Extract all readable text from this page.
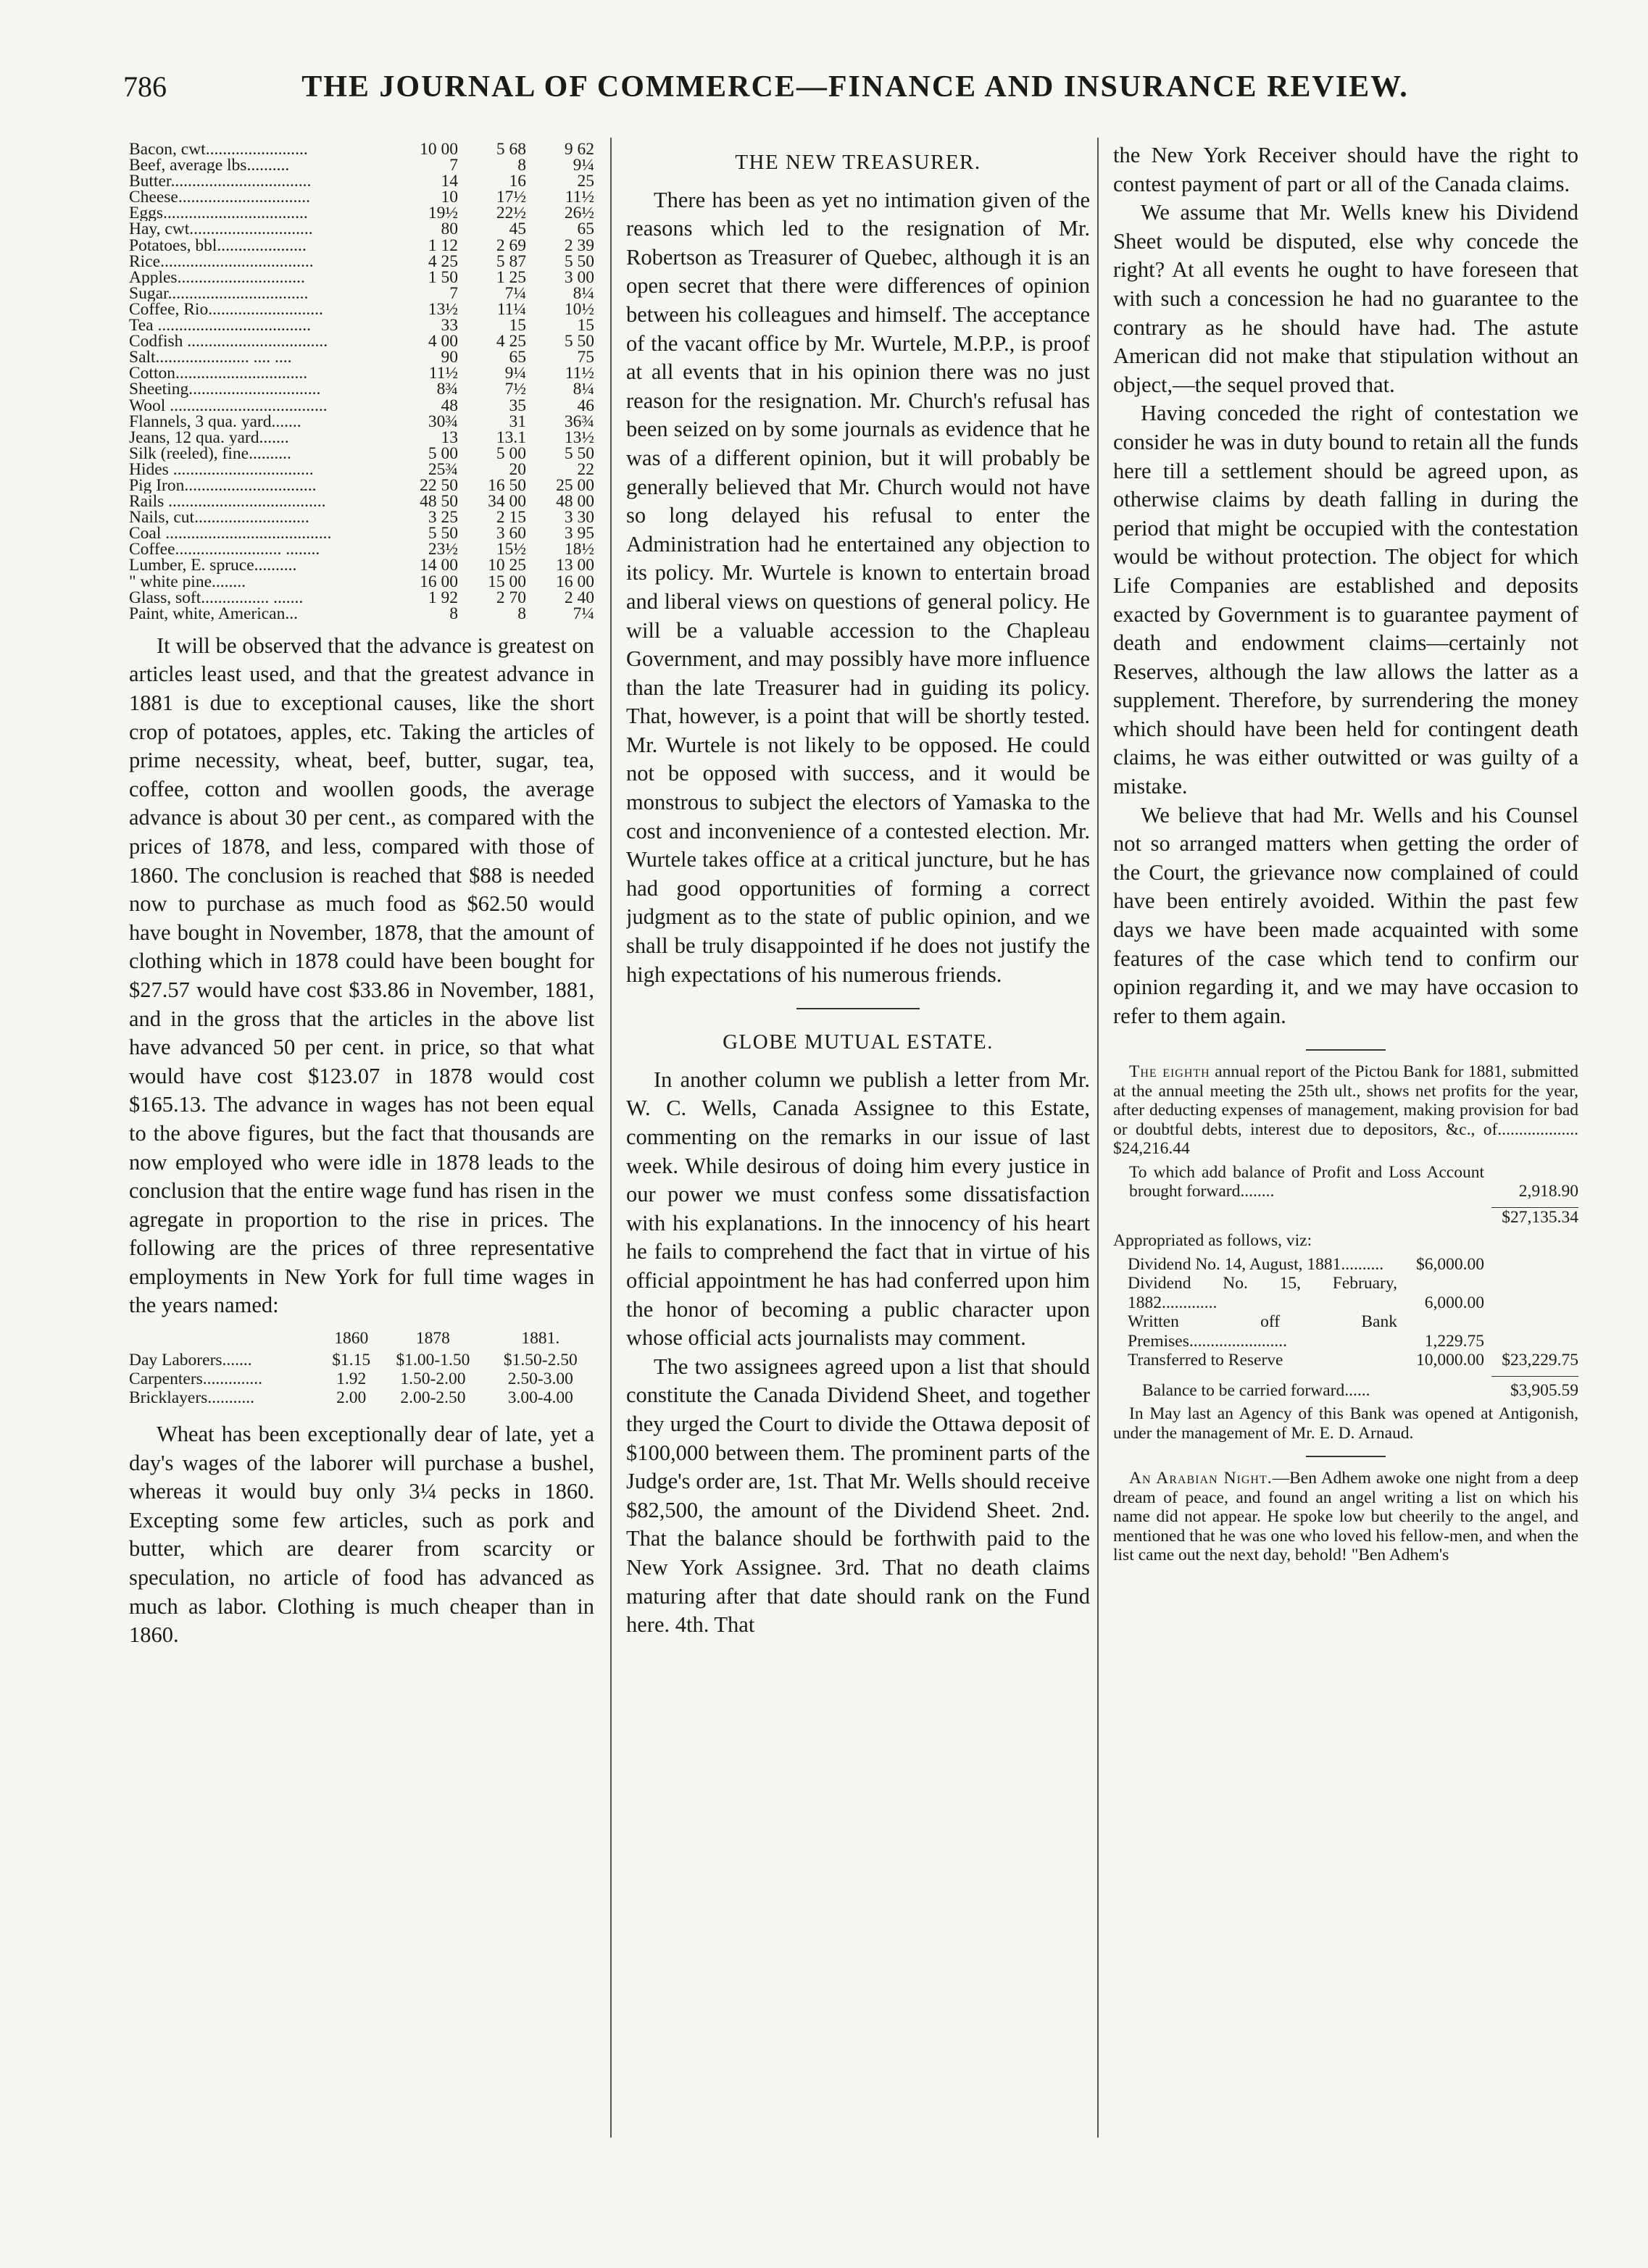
786	THE JOURNAL OF COMMERCE—FINANCE AND INSURANCE REVIEW.
Bacon, cwt........................	10 00	5 68	9 62
Beef, average lbs..........	7	8	9¼
Butter.................................	14	16	25
Cheese...............................	10	17½	11½
Eggs..................................	19½	22½	26½
Hay, cwt.............................	80	45	65
Potatoes, bbl.....................	1 12	2 69	2 39
Rice....................................	4 25	5 87	5 50
Apples..............................	1 50	1 25	3 00
Sugar.................................	7	7¼	8¼
Coffee, Rio...........................	13½	11¼	10½
Tea ....................................	33	15	15
Codfish .................................	4 00	4 25	5 50
Salt...................... .... ....	90	65	75
Cotton...............................	11½	9¼	11½
Sheeting...............................	8¾	7½	8¼
Wool .....................................	48	35	46
Flannels, 3 qua. yard.......	30¾	31	36¾
Jeans, 12 qua. yard.......	13	13.1	13½
Silk (reeled), fine..........	5 00	5 00	5 50
Hides .................................	25¾	20	22
Pig Iron...............................	22 50	16 50	25 00
Rails .....................................	48 50	34 00	48 00
Nails, cut...........................	3 25	2 15	3 30
Coal .......................................	5 50	3 60	3 95
Coffee......................... ........	23½	15½	18½
Lumber, E. spruce..........	14 00	10 25	13 00
" white pine........	16 00	15 00	16 00
Glass, soft................ .......	1 92	2 70	2 40
Paint, white, American...	8	8	7¼

It will be observed that the advance is greatest on articles least used, and that the greatest advance in 1881 is due to exceptional causes, like the short crop of potatoes, apples, etc. Taking the articles of prime necessity, wheat, beef, butter, sugar, tea, coffee, cotton and woollen goods, the average advance is about 30 per cent., as compared with the prices of 1878, and less, compared with those of 1860. The conclusion is reached that $88 is needed now to purchase as much food as $62.50 would have bought in November, 1878, that the amount of clothing which in 1878 could have been bought for $27.57 would have cost $33.86 in November, 1881, and in the gross that the articles in the above list have advanced 50 per cent. in price, so that what would have cost $123.07 in 1878 would cost $165.13. The advance in wages has not been equal to the above figures, but the fact that thousands are now employed who were idle in 1878 leads to the conclusion that the entire wage fund has risen in the agregate in proportion to the rise in prices. The following are the prices of three representative employments in New York for full time wages in the years named:

	1860	1878	1881.
Day Laborers.......	$1.15	$1.00-1.50	$1.50-2.50
Carpenters..............	1.92	1.50-2.00	2.50-3.00
Bricklayers...........	2.00	2.00-2.50	3.00-4.00

Wheat has been exceptionally dear of late, yet a day's wages of the laborer will purchase a bushel, whereas it would buy only 3¼ pecks in 1860. Excepting some few articles, such as pork and butter, which are dearer from scarcity or speculation, no article of food has advanced as much as labor. Clothing is much cheaper than in 1860.

THE NEW TREASURER.

There has been as yet no intimation given of the reasons which led to the resignation of Mr. Robertson as Treasurer of Quebec, although it is an open secret that there were differences of opinion between his colleagues and himself. The acceptance of the vacant office by Mr. Wurtele, M.P.P., is proof at all events that in his opinion there was no just reason for the resignation. Mr. Church's refusal has been seized on by some journals as evidence that he was of a different opinion, but it will probably be generally believed that Mr. Church would not have so long delayed his refusal to enter the Administration had he entertained any objection to its policy. Mr. Wurtele is known to entertain broad and liberal views on questions of general policy. He will be a valuable accession to the Chapleau Government, and may possibly have more influence than the late Treasurer had in guiding its policy. That, however, is a point that will be shortly tested. Mr. Wurtele is not likely to be opposed. He could not be opposed with success, and it would be monstrous to subject the electors of Yamaska to the cost and inconvenience of a contested election. Mr. Wurtele takes office at a critical juncture, but he has had good opportunities of forming a correct judgment as to the state of public opinion, and we shall be truly disappointed if he does not justify the high expectations of his numerous friends.

GLOBE MUTUAL ESTATE.

In another column we publish a letter from Mr. W. C. Wells, Canada Assignee to this Estate, commenting on the remarks in our issue of last week. While desirous of doing him every justice in our power we must confess some dissatisfaction with his explanations. In the innocency of his heart he fails to comprehend the fact that in virtue of his official appointment he has had conferred upon him the honor of becoming a public character upon whose official acts journalists may comment.

The two assignees agreed upon a list that should constitute the Canada Dividend Sheet, and together they urged the Court to divide the Ottawa deposit of $100,000 between them. The prominent parts of the Judge's order are, 1st. That Mr. Wells should receive $82,500, the amount of the Dividend Sheet. 2nd. That the balance should be forthwith paid to the New York Assignee. 3rd. That no death claims maturing after that date should rank on the Fund here. 4th. That

the New York Receiver should have the right to contest payment of part or all of the Canada claims.

We assume that Mr. Wells knew his Dividend Sheet would be disputed, else why concede the right? At all events he ought to have foreseen that with such a concession he had no guarantee to the contrary as he should have had. The astute American did not make that stipulation without an object,—the sequel proved that.

Having conceded the right of contestation we consider he was in duty bound to retain all the funds here till a settlement should be agreed upon, as otherwise claims by death falling in during the period that might be occupied with the contestation would be without protection. The object for which Life Companies are established and deposits exacted by Government is to guarantee payment of death and endowment claims—certainly not Reserves, although the law allows the latter as a supplement. Therefore, by surrendering the money which should have been held for contingent death claims, he was either outwitted or was guilty of a mistake.

We believe that had Mr. Wells and his Counsel not so arranged matters when getting the order of the Court, the grievance now complained of could have been entirely avoided. Within the past few days we have been made acquainted with some features of the case which tend to confirm our opinion regarding it, and we may have occasion to refer to them again.

The eighth annual report of the Pictou Bank for 1881, submitted at the annual meeting the 25th ult., shows net profits for the year, after deducting expenses of management, making provision for bad or doubtful debts, interest due to depositors, &c., of................... $24,216.44

To which add balance of Profit and Loss Account brought forward........	2,918.90
$27,135.34
Appropriated as follows, viz:
Dividend No. 14, August, 1881..........	$6,000.00	
Dividend No. 15, February, 1882.............	6,000.00	
Written off Bank Premises.......................	1,229.75	
Transferred to Reserve	10,000.00	$23,229.75
Balance to be carried forward......	$3,905.59

In May last an Agency of this Bank was opened at Antigonish, under the management of Mr. E. D. Arnaud.

An Arabian Night.—Ben Adhem awoke one night from a deep dream of peace, and found an angel writing a list on which his name did not appear. He spoke low but cheerily to the angel, and mentioned that he was one who loved his fellow-men, and when the list came out the next day, behold! "Ben Adhem's
